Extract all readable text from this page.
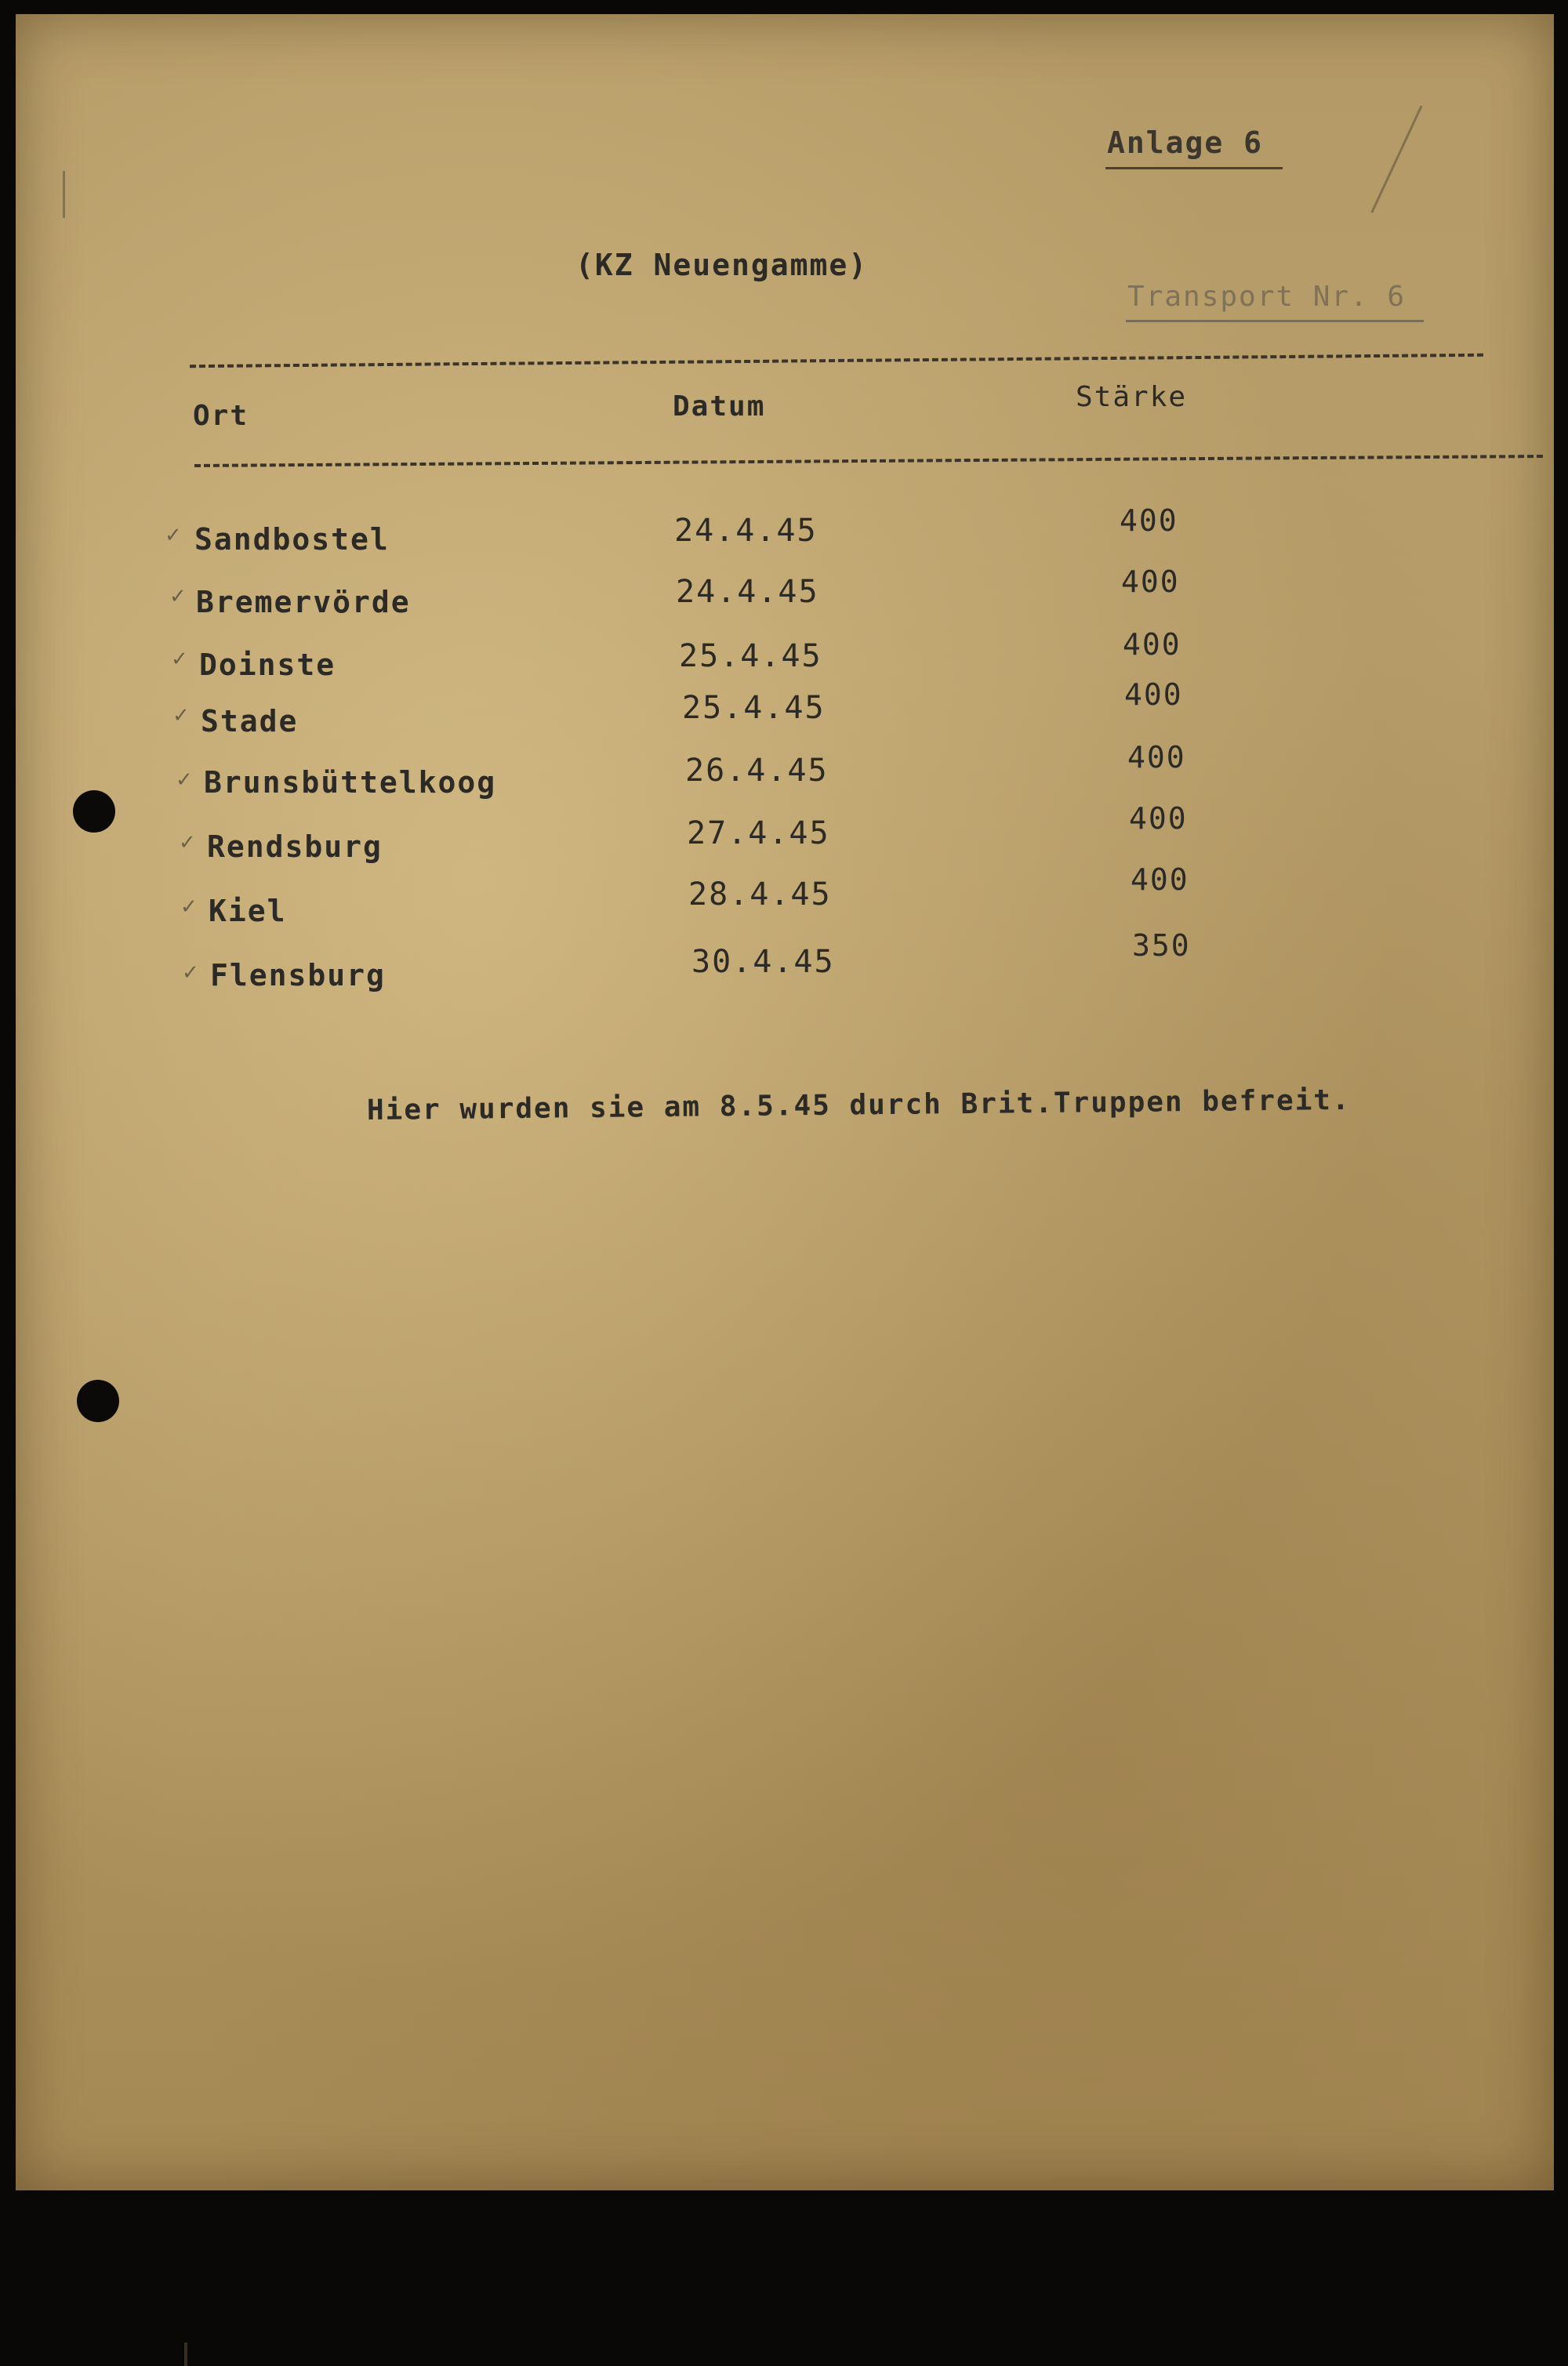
Anlage 6
(KZ Neuengamme)
Transport Nr. 6
Ort	Datum	Stärke
✓ Sandbostel	24.4.45	400
✓ Bremervörde	24.4.45	400
✓ Doinste	25.4.45	400
✓ Stade	25.4.45	400
✓ Brunsbüttelkoog	26.4.45	400
✓ Rendsburg	27.4.45	400
✓ Kiel	28.4.45	400
✓ Flensburg	30.4.45	350
Hier wurden sie am 8.5.45 durch Brit.Truppen befreit.
